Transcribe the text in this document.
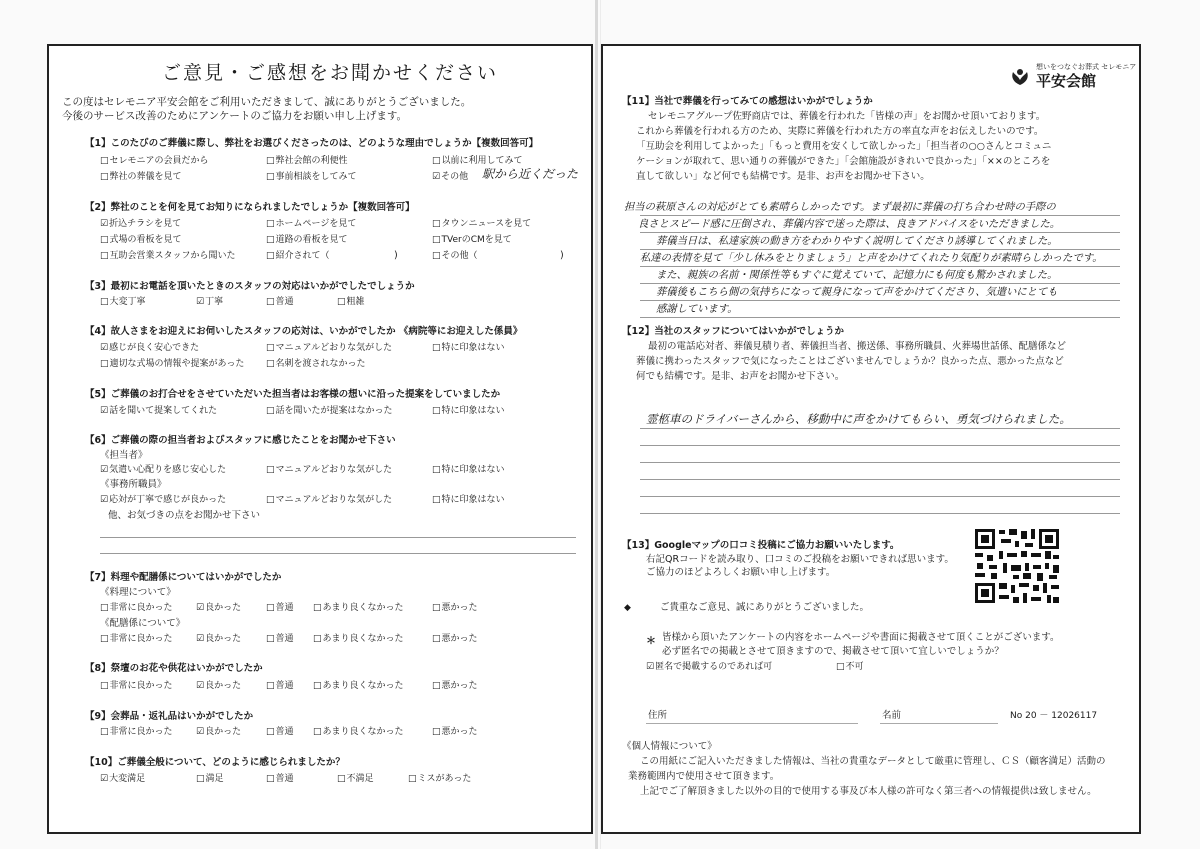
ご意見・ご感想をお聞かせください
この度はセレモニア平安会館をご利用いただきまして、誠にありがとうございました。
今後のサービス改善のためにアンケートのご協力をお願い申し上げます。
【1】このたびのご葬儀に際し、弊社をお選びくださったのは、どのような理由でしょうか【複数回答可】
□ セレモニアの会員だから	□ 弊社会館の利便性	□ 以前に利用してみて
□ 弊社の葬儀を見て	□ 事前相談をしてみて	☑ その他 駅から近くだった
【2】弊社のことを何を見てお知りになられましたでしょうか【複数回答可】
☑ 折込チラシを見て	□ ホームページを見て	□ タウンニュースを見て
□ 式場の看板を見て	□ 道路の看板を見て	□ TVerのCMを見て
□ 互助会営業スタッフから聞いた	□ 紹介されて（	)	□ その他（	)
【3】最初にお電話を頂いたときのスタッフの対応はいかがでしたでしょうか
□ 大変丁寧	☑ 丁寧	□ 普通	□ 粗雑
【4】故人さまをお迎えにお伺いしたスタッフの応対は、いかがでしたか 《病院等にお迎えした係員》
☑ 感じが良く安心できた	□ マニュアルどおりな気がした	□ 特に印象はない
□ 適切な式場の情報や提案があった	□ 名刺を渡されなかった
【5】ご葬儀のお打合せをさせていただいた担当者はお客様の想いに沿った提案をしていましたか
☑ 話を聞いて提案してくれた	□ 話を聞いたが提案はなかった	□ 特に印象はない
【6】ご葬儀の際の担当者およびスタッフに感じたことをお聞かせ下さい
《担当者》
☑ 気遣い心配りを感じ安心した	□ マニュアルどおりな気がした	□ 特に印象はない
《事務所職員》
☑ 応対が丁寧で感じが良かった	□ マニュアルどおりな気がした	□ 特に印象はない
他、お気づきの点をお聞かせ下さい
【7】料理や配膳係についてはいかがでしたか
《料理について》
□ 非常に良かった	☑ 良かった	□ 普通	□ あまり良くなかった	□ 悪かった
《配膳係について》
□ 非常に良かった	☑ 良かった	□ 普通	□ あまり良くなかった	□ 悪かった
【8】祭壇のお花や供花はいかがでしたか
□ 非常に良かった	☑ 良かった	□ 普通	□ あまり良くなかった	□ 悪かった
【9】会葬品・返礼品はいかがでしたか
□ 非常に良かった	☑ 良かった	□ 普通	□ あまり良くなかった	□ 悪かった
【10】ご葬儀全般について、どのように感じられましたか？
☑ 大変満足	□ 満足	□ 普通	□ 不満足	□ ミスがあった
想いをつなぐお葬式 セレモニア
平安会館
【11】当社で葬儀を行ってみての感想はいかがでしょうか
セレモニアグループ佐野商店では、葬儀を行われた「皆様の声」をお聞かせ頂いております。
これから葬儀を行われる方のため、実際に葬儀を行われた方の率直な声をお伝えしたいのです。
「互助会を利用してよかった」「もっと費用を安くして欲しかった」「担当者の○○さんとコミュニ
ケーションが取れて、思い通りの葬儀ができた」「会館施設がきれいで良かった」「××のところを
直して欲しい」など何でも結構です。是非、お声をお聞かせ下さい。
担当の萩原さんの対応がとても素晴らしかったです。まず最初に葬儀の打ち合わせ時の手際の
良さとスピード感に圧倒され、葬儀内容で迷った際は、良きアドバイスをいただきました。
葬儀当日は、私達家族の動き方をわかりやすく説明してくださり誘導してくれました。
私達の表情を見て「少し休みをとりましょう」と声をかけてくれたり気配りが素晴らしかったです。
また、親族の名前・関係性等もすぐに覚えていて、記憶力にも何度も驚かされました。
葬儀後もこちら側の気持ちになって親身になって声をかけてくださり、気遣いにとても
感謝しています。
【12】当社のスタッフについてはいかがでしょうか
最初の電話応対者、葬儀見積り者、葬儀担当者、搬送係、事務所職員、火葬場世話係、配膳係など
葬儀に携わったスタッフで気になったことはございませんでしょうか？良かった点、悪かった点など
何でも結構です。是非、お声をお聞かせ下さい。
霊柩車のドライバーさんから、移動中に声をかけてもらい、勇気づけられました。
【13】Googleマップの口コミ投稿にご協力お願いいたします。
右記QRコードを読み取り、口コミのご投稿をお願いできれば思います。
ご協力のほどよろしくお願い申し上げます。
◆	ご貴重なご意見、誠にありがとうございました。
＊ 皆様から頂いたアンケートの内容をホームページや書面に掲載させて頂くことがございます。
必ず匿名での掲載とさせて頂きますので、掲載させて頂いて宜しいでしょうか？
☑ 匿名で掲載するのであれば可	□ 不可
住所	名前	No 20 － 12026117
《個人情報について》
この用紙にご記入いただきました情報は、当社の貴重なデータとして厳重に管理し、ＣＳ（顧客満足）活動の
業務範囲内で使用させて頂きます。
上記でご了解頂きました以外の目的で使用する事及び本人様の許可なく第三者への情報提供は致しません。
